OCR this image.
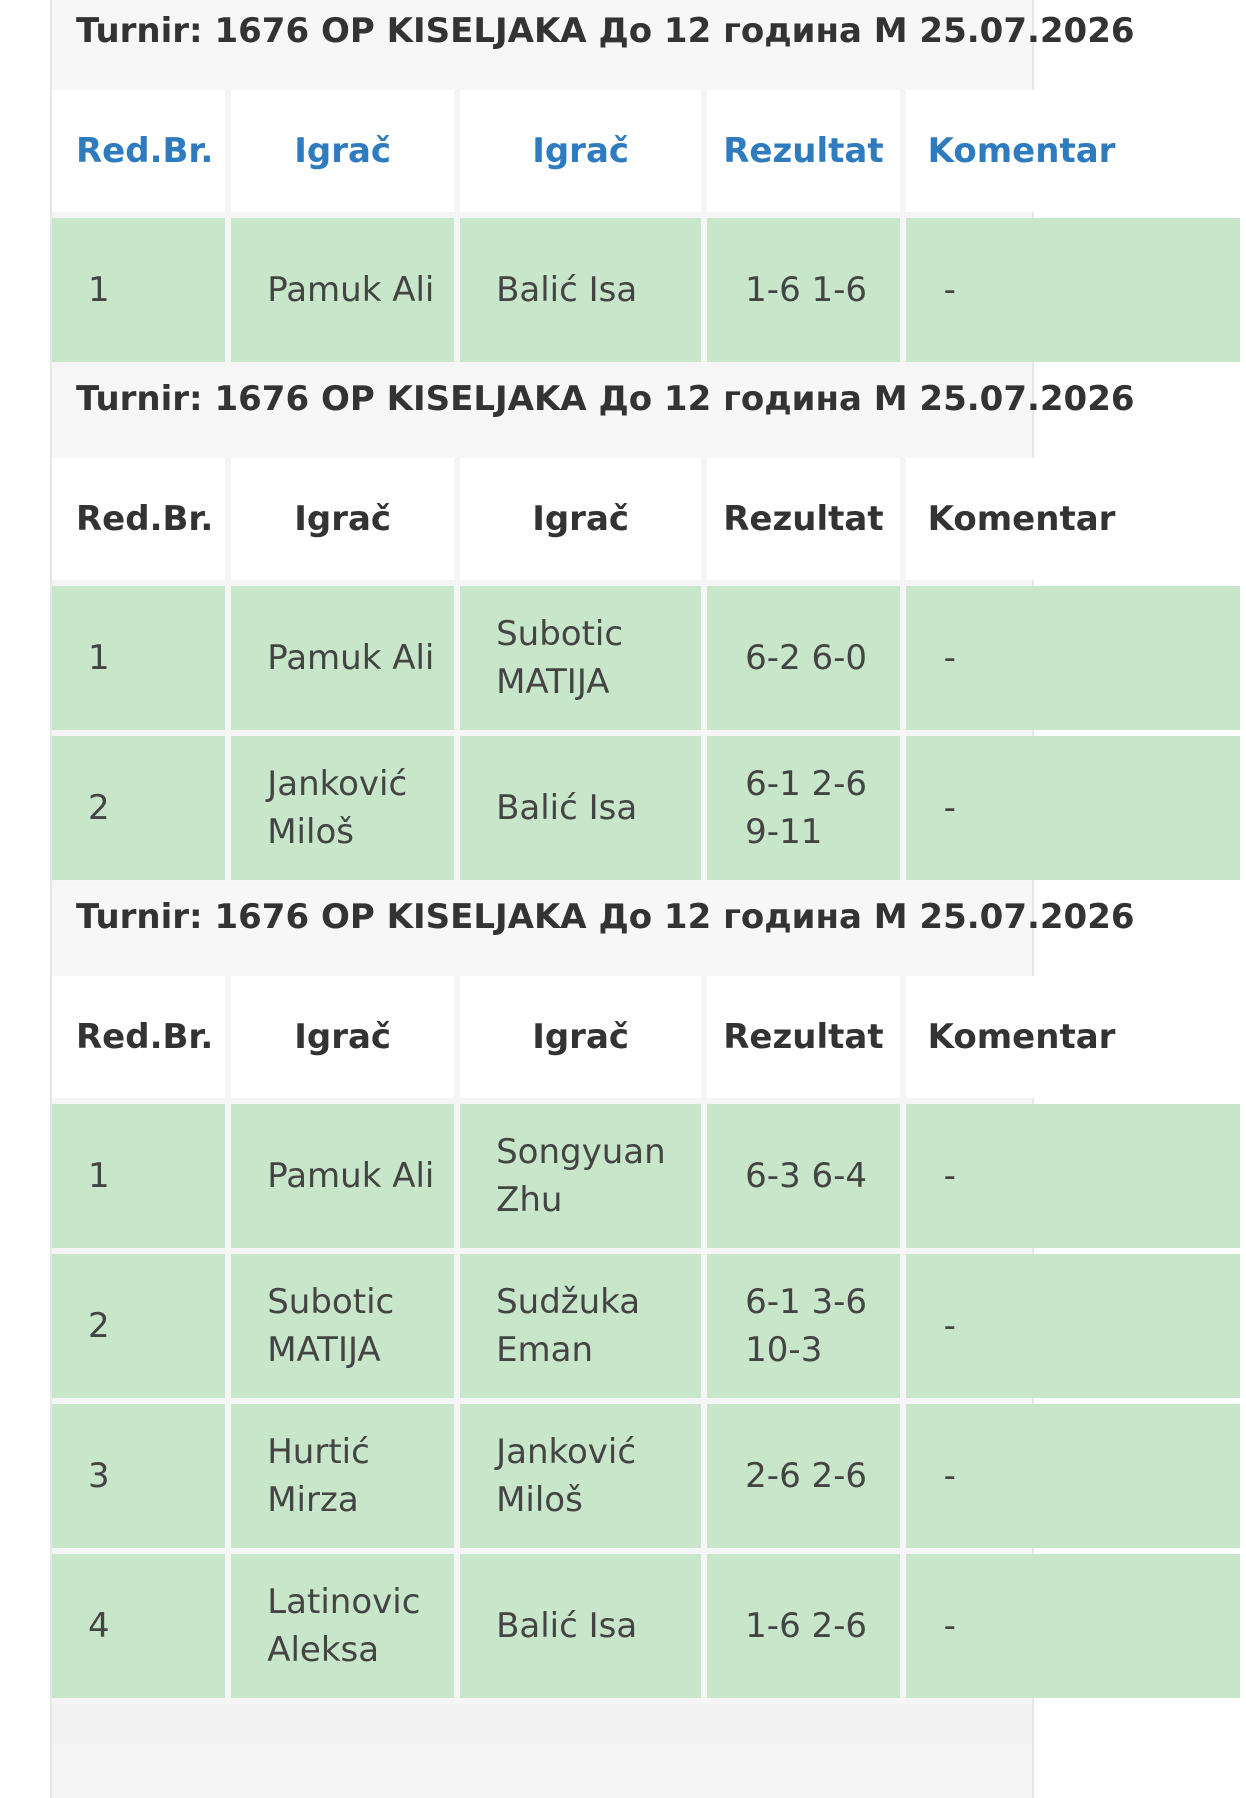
Turnir: 1676 OP KISELJAKA До 12 година M 25.07.2026
Red.Br.	Igrač	Igrač	Rezultat	Komentar
1	Pamuk Ali	Balić Isa	1-6 1-6	-
Turnir: 1676 OP KISELJAKA До 12 година M 25.07.2026
Red.Br.	Igrač	Igrač	Rezultat	Komentar
1	Pamuk Ali	Subotic MATIJA	6-2 6-0	-
2	Janković Miloš	Balić Isa	6-1 2-6 9-11	-
Turnir: 1676 OP KISELJAKA До 12 година M 25.07.2026
Red.Br.	Igrač	Igrač	Rezultat	Komentar
1	Pamuk Ali	Songyuan Zhu	6-3 6-4	-
2	Subotic MATIJA	Sudžuka Eman	6-1 3-6 10-3	-
3	Hurtić Mirza	Janković Miloš	2-6 2-6	-
4	Latinovic Aleksa	Balić Isa	1-6 2-6	-
